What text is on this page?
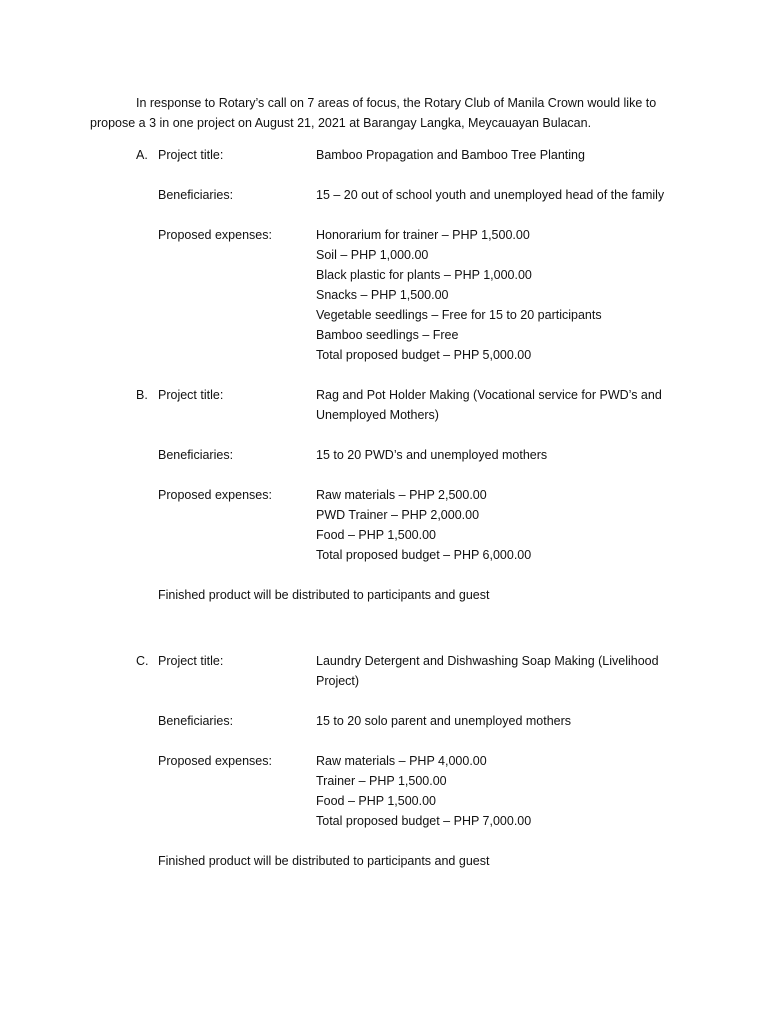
In response to Rotary’s call on 7 areas of focus, the Rotary Club of Manila Crown would like to
propose a 3 in one project on August 21, 2021 at Barangay Langka, Meycauayan Bulacan.
A. Project title:	Bamboo Propagation and Bamboo Tree Planting
Beneficiaries:	15 – 20 out of school youth and unemployed head of the family
Proposed expenses:	Honorarium for trainer – PHP 1,500.00
Soil – PHP 1,000.00
Black plastic for plants – PHP 1,000.00
Snacks – PHP 1,500.00
Vegetable seedlings – Free for 15 to 20 participants
Bamboo seedlings – Free
Total proposed budget – PHP 5,000.00
B. Project title:	Rag and Pot Holder Making (Vocational service for PWD’s and
Unemployed Mothers)
Beneficiaries:	15 to 20 PWD’s and unemployed mothers
Proposed expenses:	Raw materials – PHP 2,500.00
PWD Trainer – PHP 2,000.00
Food – PHP 1,500.00
Total proposed budget – PHP 6,000.00
Finished product will be distributed to participants and guest
C. Project title:	Laundry Detergent and Dishwashing Soap Making (Livelihood
Project)
Beneficiaries:	15 to 20 solo parent and unemployed mothers
Proposed expenses:	Raw materials – PHP 4,000.00
Trainer – PHP 1,500.00
Food – PHP 1,500.00
Total proposed budget – PHP 7,000.00
Finished product will be distributed to participants and guest
